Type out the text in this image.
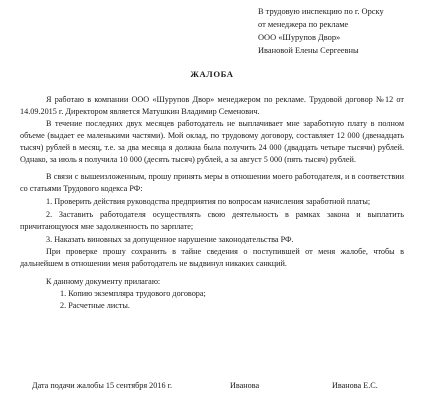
В трудовую инспекцию по г. Орску
от менеджера по рекламе
ООО «Шурупов Двор»
Ивановой Елены Сергеевны
ЖАЛОБА

Я работаю в компании ООО «Шурупов Двор» менеджером по рекламе. Трудовой договор №12 от 14.09.2015 г. Директором является Матушкин Владимир Семенович.

В течение последних двух месяцев работодатель не выплачивает мне заработную плату в полном объеме (выдает ее маленькими частями). Мой оклад, по трудовому договору, составляет 12 000 (двенадцать тысяч) рублей в месяц, т.е. за два месяца я должна была получить 24 000 (двадцать четыре тысячи) рублей. Однако, за июль я получила 10 000 (десять тысяч) рублей, а за август 5 000 (пять тысяч) рублей.

В связи с вышеизложенным, прошу принять меры в отношении моего работодателя, и в соответствии со статьями Трудового кодекса РФ:

1. Проверить действия руководства предприятия по вопросам начисления заработной платы;

2. Заставить работодателя осуществлять свою деятельность в рамках закона и выплатить причитающуюся мне задолженность по зарплате;

3. Наказать виновных за допущенное нарушение законодательства РФ.

При проверке прошу сохранить в тайне сведения о поступившей от меня жалобе, чтобы в дальнейшем в отношении меня работодатель не выдвинул никаких санкций.

К данному документу прилагаю:

1. Копию экземпляра трудового договора;

2. Расчетные листы.

Дата подачи жалобы 15 сентября 2016 г.	Иванова	Иванова Е.С.
